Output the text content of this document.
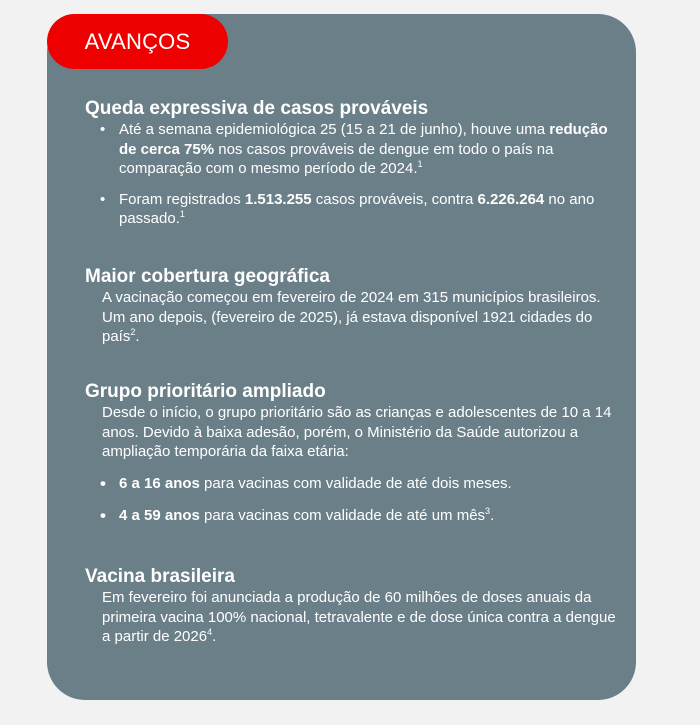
AVANÇOS
Queda expressiva de casos prováveis
• Até a semana epidemiológica 25 (15 a 21 de junho), houve uma redução de cerca 75% nos casos prováveis de dengue em todo o país na comparação com o mesmo período de 2024.$^1$
• Foram registrados 1.513.255 casos prováveis, contra 6.226.264 no ano passado.$^1$
Maior cobertura geográfica

A vacinação começou em fevereiro de 2024 em 315 municípios brasileiros. Um ano depois, (fevereiro de 2025), já estava disponível 1921 cidades do país$^2$.

Grupo prioritário ampliado

Desde o início, o grupo prioritário são as crianças e adolescentes de 10 a 14 anos. Devido à baixa adesão, porém, o Ministério da Saúde autorizou a ampliação temporária da faixa etária:

• 6 a 16 anos para vacinas com validade de até dois meses.
• 4 a 59 anos para vacinas com validade de até um mês$^3$.
Vacina brasileira

Em fevereiro foi anunciada a produção de 60 milhões de doses anuais da primeira vacina 100% nacional, tetravalente e de dose única contra a dengue a partir de 2026$^4$.
